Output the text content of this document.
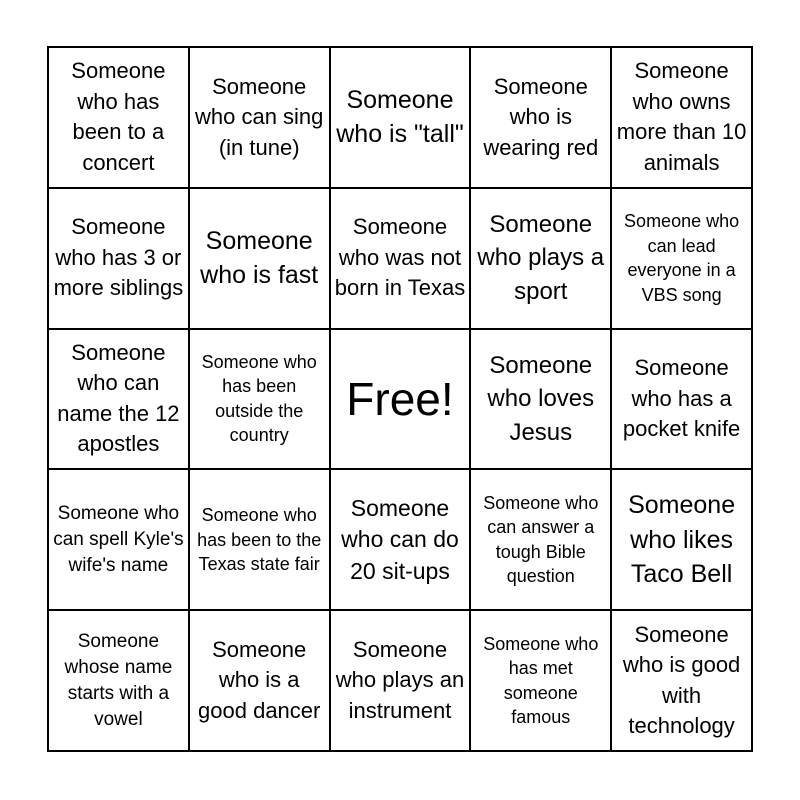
Someone who has been to a concert
Someone who can sing (in tune)
Someone who is "tall"
Someone who is wearing red
Someone who owns more than 10 animals
Someone who has 3 or more siblings
Someone who is fast
Someone who was not born in Texas
Someone who plays a sport
Someone who can lead everyone in a VBS song
Someone who can name the 12 apostles
Someone who has been outside the country
Free!
Someone who loves Jesus
Someone who has a pocket knife
Someone who can spell Kyle's wife's name
Someone who has been to the Texas state fair
Someone who can do 20 sit-ups
Someone who can answer a tough Bible question
Someone who likes Taco Bell
Someone whose name starts with a vowel
Someone who is a good dancer
Someone who plays an instrument
Someone who has met someone famous
Someone who is good with technology
